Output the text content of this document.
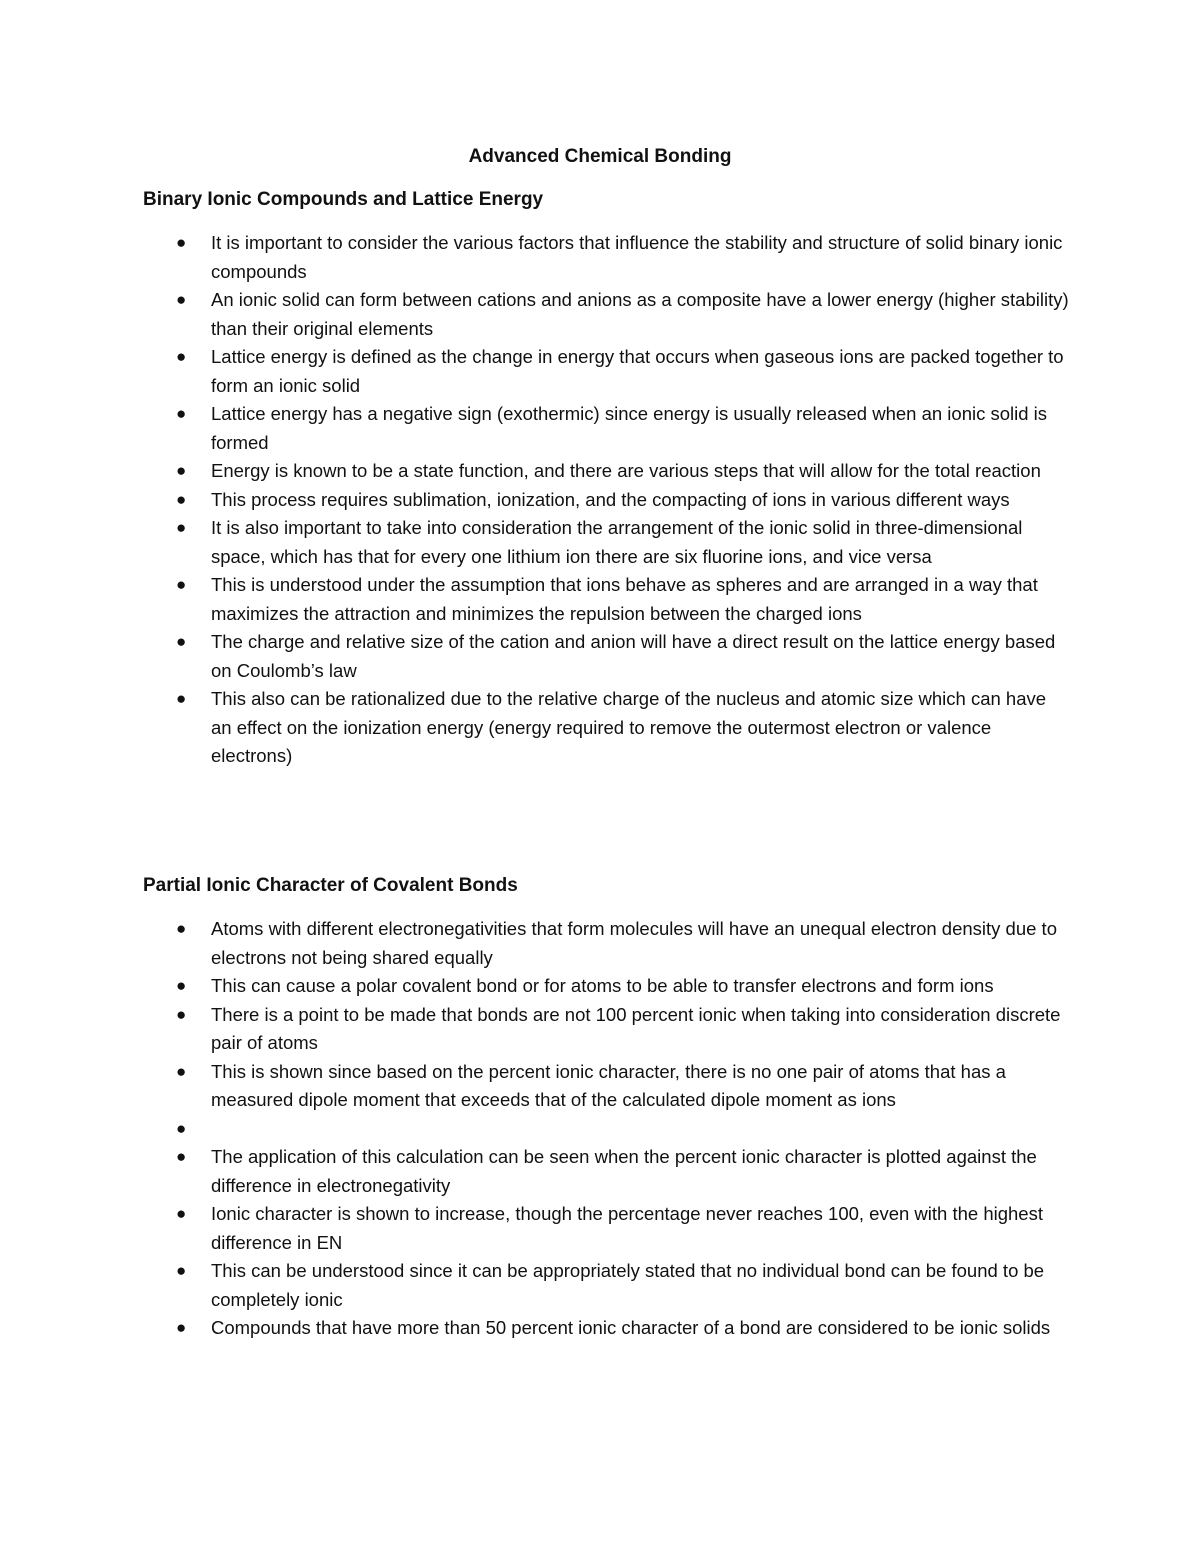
Advanced Chemical Bonding
Binary Ionic Compounds and Lattice Energy
● It is important to consider the various factors that influence the stability and structure of solid binary ionic compounds
● An ionic solid can form between cations and anions as a composite have a lower energy (higher stability) than their original elements
● Lattice energy is defined as the change in energy that occurs when gaseous ions are packed together to form an ionic solid
● Lattice energy has a negative sign (exothermic) since energy is usually released when an ionic solid is formed
● Energy is known to be a state function, and there are various steps that will allow for the total reaction
● This process requires sublimation, ionization, and the compacting of ions in various different ways
● It is also important to take into consideration the arrangement of the ionic solid in three-dimensional space, which has that for every one lithium ion there are six fluorine ions, and vice versa
● This is understood under the assumption that ions behave as spheres and are arranged in a way that maximizes the attraction and minimizes the repulsion between the charged ions
● The charge and relative size of the cation and anion will have a direct result on the lattice energy based on Coulomb’s law
● This also can be rationalized due to the relative charge of the nucleus and atomic size which can have an effect on the ionization energy (energy required to remove the outermost electron or valence electrons)
Partial Ionic Character of Covalent Bonds
● Atoms with different electronegativities that form molecules will have an unequal electron density due to electrons not being shared equally
● This can cause a polar covalent bond or for atoms to be able to transfer electrons and form ions
● There is a point to be made that bonds are not 100 percent ionic when taking into consideration discrete pair of atoms
● This is shown since based on the percent ionic character, there is no one pair of atoms that has a measured dipole moment that exceeds that of the calculated dipole moment as ions
●
● The application of this calculation can be seen when the percent ionic character is plotted against the difference in electronegativity
● Ionic character is shown to increase, though the percentage never reaches 100, even with the highest difference in EN
● This can be understood since it can be appropriately stated that no individual bond can be found to be completely ionic
● Compounds that have more than 50 percent ionic character of a bond are considered to be ionic solids
